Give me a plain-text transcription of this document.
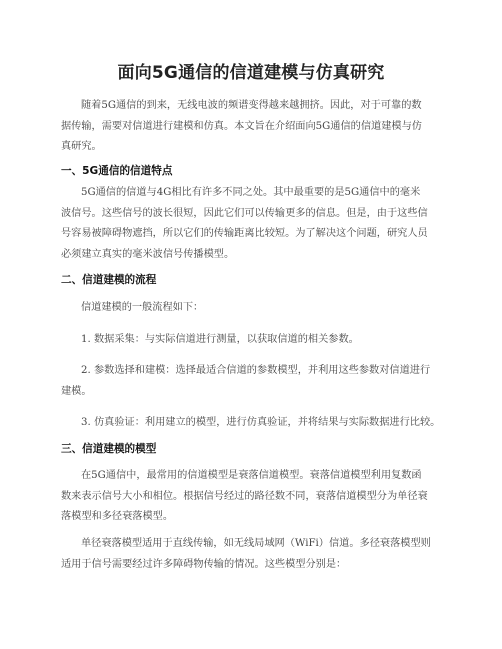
面向5G通信的信道建模与仿真研究
随着5G通信的到来，无线电波的频谱变得越来越拥挤。因此，对于可靠的数
据传输，需要对信道进行建模和仿真。本文旨在介绍面向5G通信的信道建模与仿
真研究。
一、5G通信的信道特点
5G通信的信道与4G相比有许多不同之处。其中最重要的是5G通信中的毫米
波信号。这些信号的波长很短，因此它们可以传输更多的信息。但是，由于这些信
号容易被障碍物遮挡，所以它们的传输距离比较短。为了解决这个问题，研究人员
必须建立真实的毫米波信号传播模型。
二、信道建模的流程
信道建模的一般流程如下：
1. 数据采集：与实际信道进行测量，以获取信道的相关参数。
2. 参数选择和建模：选择最适合信道的参数模型，并利用这些参数对信道进行
建模。
3. 仿真验证：利用建立的模型，进行仿真验证，并将结果与实际数据进行比较。
三、信道建模的模型
在5G通信中，最常用的信道模型是衰落信道模型。衰落信道模型利用复数函
数来表示信号大小和相位。根据信号经过的路径数不同，衰落信道模型分为单径衰
落模型和多径衰落模型。
单径衰落模型适用于直线传输，如无线局域网（WiFi）信道。多径衰落模型则
适用于信号需要经过许多障碍物传输的情况。这些模型分别是：
